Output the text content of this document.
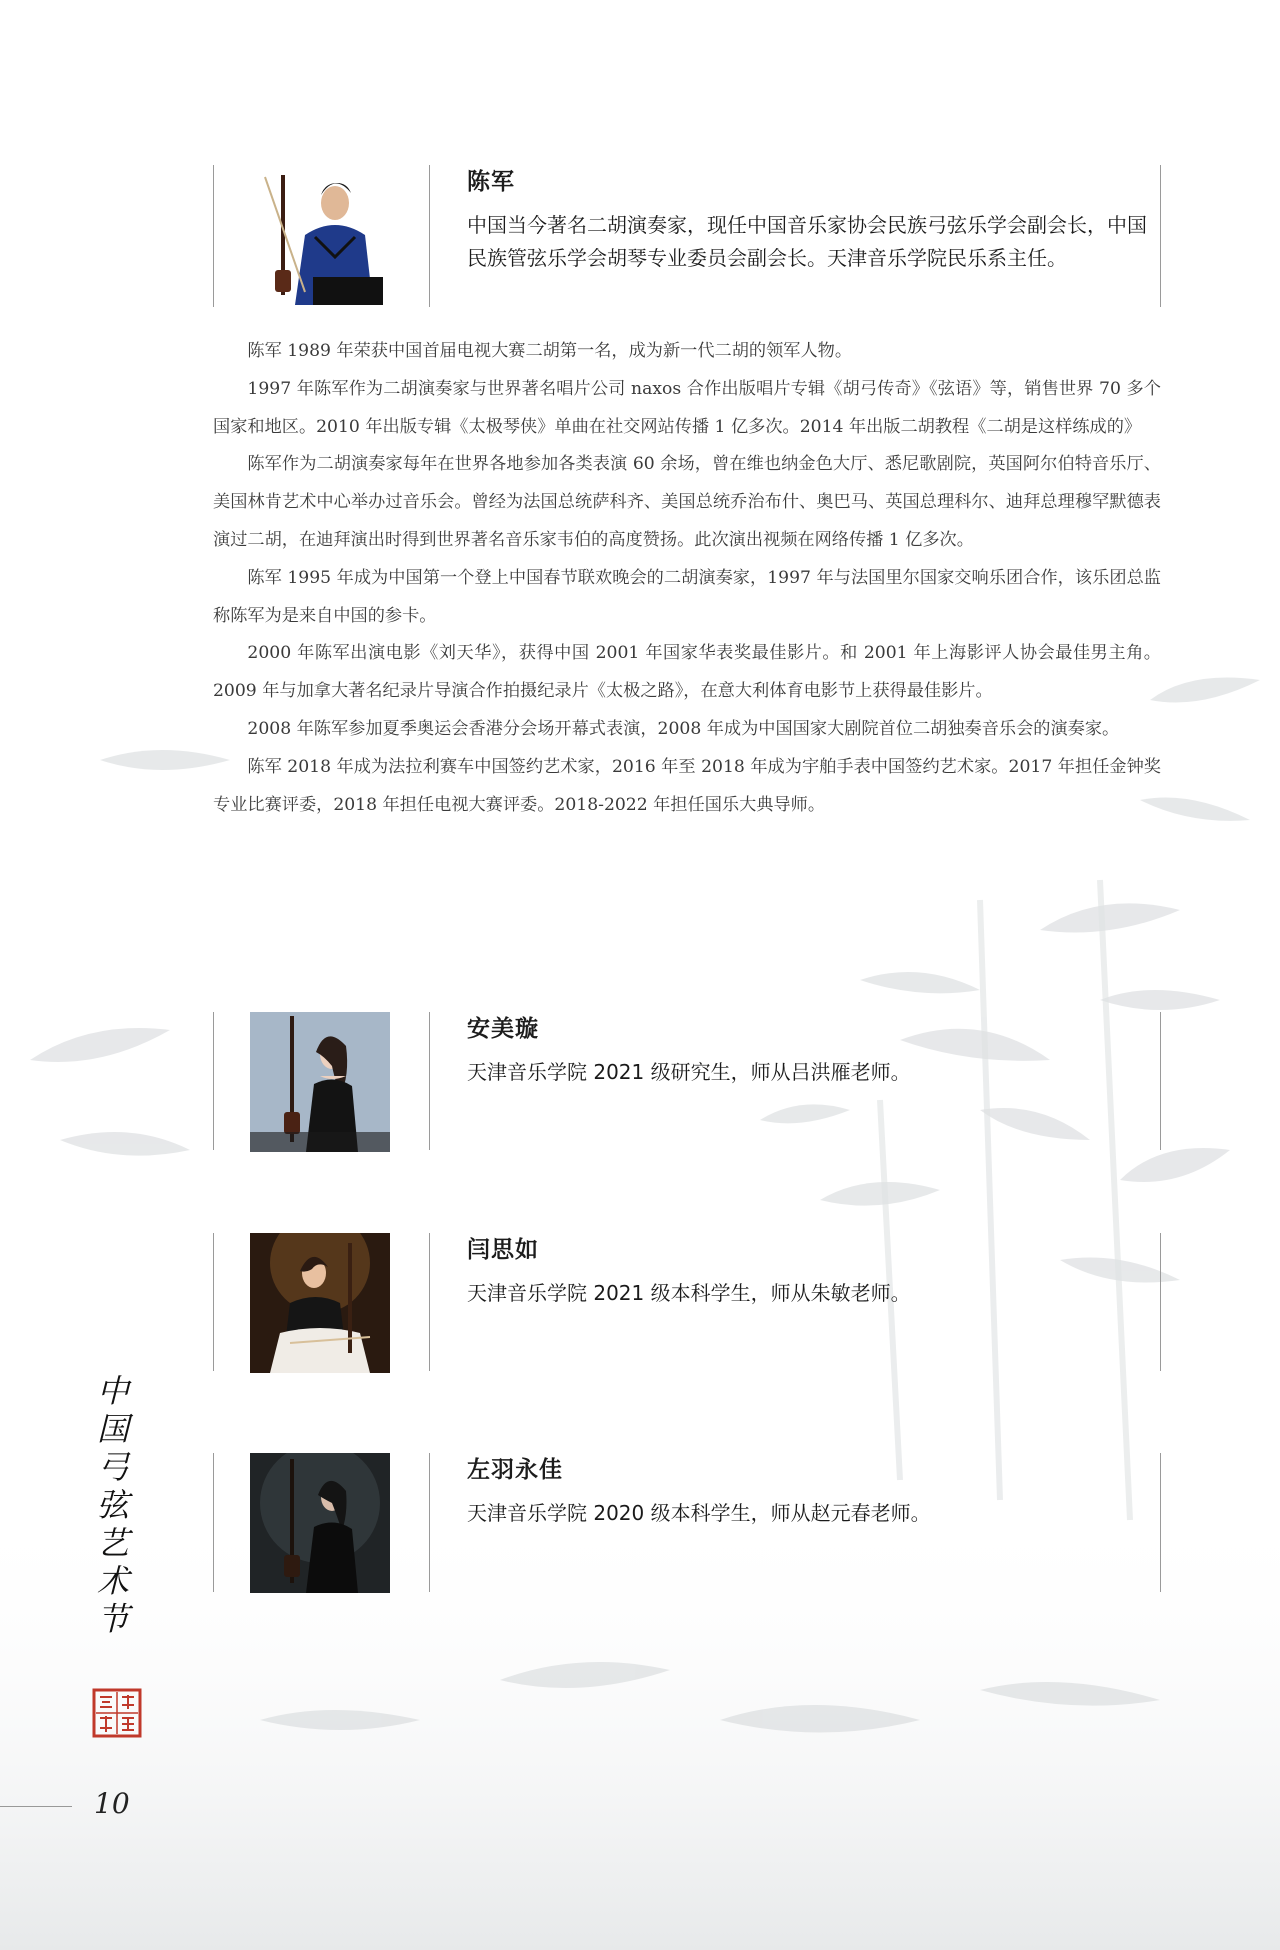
陈军
中国当今著名二胡演奏家，现任中国音乐家协会民族弓弦乐学会副会长，中国民族管弦乐学会胡琴专业委员会副会长。天津音乐学院民乐系主任。

陈军 1989 年荣获中国首届电视大赛二胡第一名，成为新一代二胡的领军人物。

1997 年陈军作为二胡演奏家与世界著名唱片公司 naxos 合作出版唱片专辑《胡弓传奇》《弦语》等，销售世界 70 多个国家和地区。2010 年出版专辑《太极琴侠》单曲在社交网站传播 1 亿多次。2014 年出版二胡教程《二胡是这样练成的》

陈军作为二胡演奏家每年在世界各地参加各类表演 60 余场，曾在维也纳金色大厅、悉尼歌剧院，英国阿尔伯特音乐厅、美国林肯艺术中心举办过音乐会。曾经为法国总统萨科齐、美国总统乔治布什、奥巴马、英国总理科尔、迪拜总理穆罕默德表演过二胡，在迪拜演出时得到世界著名音乐家韦伯的高度赞扬。此次演出视频在网络传播 1 亿多次。

陈军 1995 年成为中国第一个登上中国春节联欢晚会的二胡演奏家，1997 年与法国里尔国家交响乐团合作，该乐团总监称陈军为是来自中国的参卡。

2000 年陈军出演电影《刘天华》，获得中国 2001 年国家华表奖最佳影片。和 2001 年上海影评人协会最佳男主角。2009 年与加拿大著名纪录片导演合作拍摄纪录片《太极之路》，在意大利体育电影节上获得最佳影片。

2008 年陈军参加夏季奥运会香港分会场开幕式表演，2008 年成为中国国家大剧院首位二胡独奏音乐会的演奏家。

陈军 2018 年成为法拉利赛车中国签约艺术家，2016 年至 2018 年成为宇舶手表中国签约艺术家。2017 年担任金钟奖专业比赛评委，2018 年担任电视大赛评委。2018-2022 年担任国乐大典导师。

安美璇
天津音乐学院 2021 级研究生，师从吕洪雁老师。
闫思如
天津音乐学院 2021 级本科学生，师从朱敏老师。
左羽永佳
天津音乐学院 2020 级本科学生，师从赵元春老师。
中
国
弓
弦
艺
术
节
10
